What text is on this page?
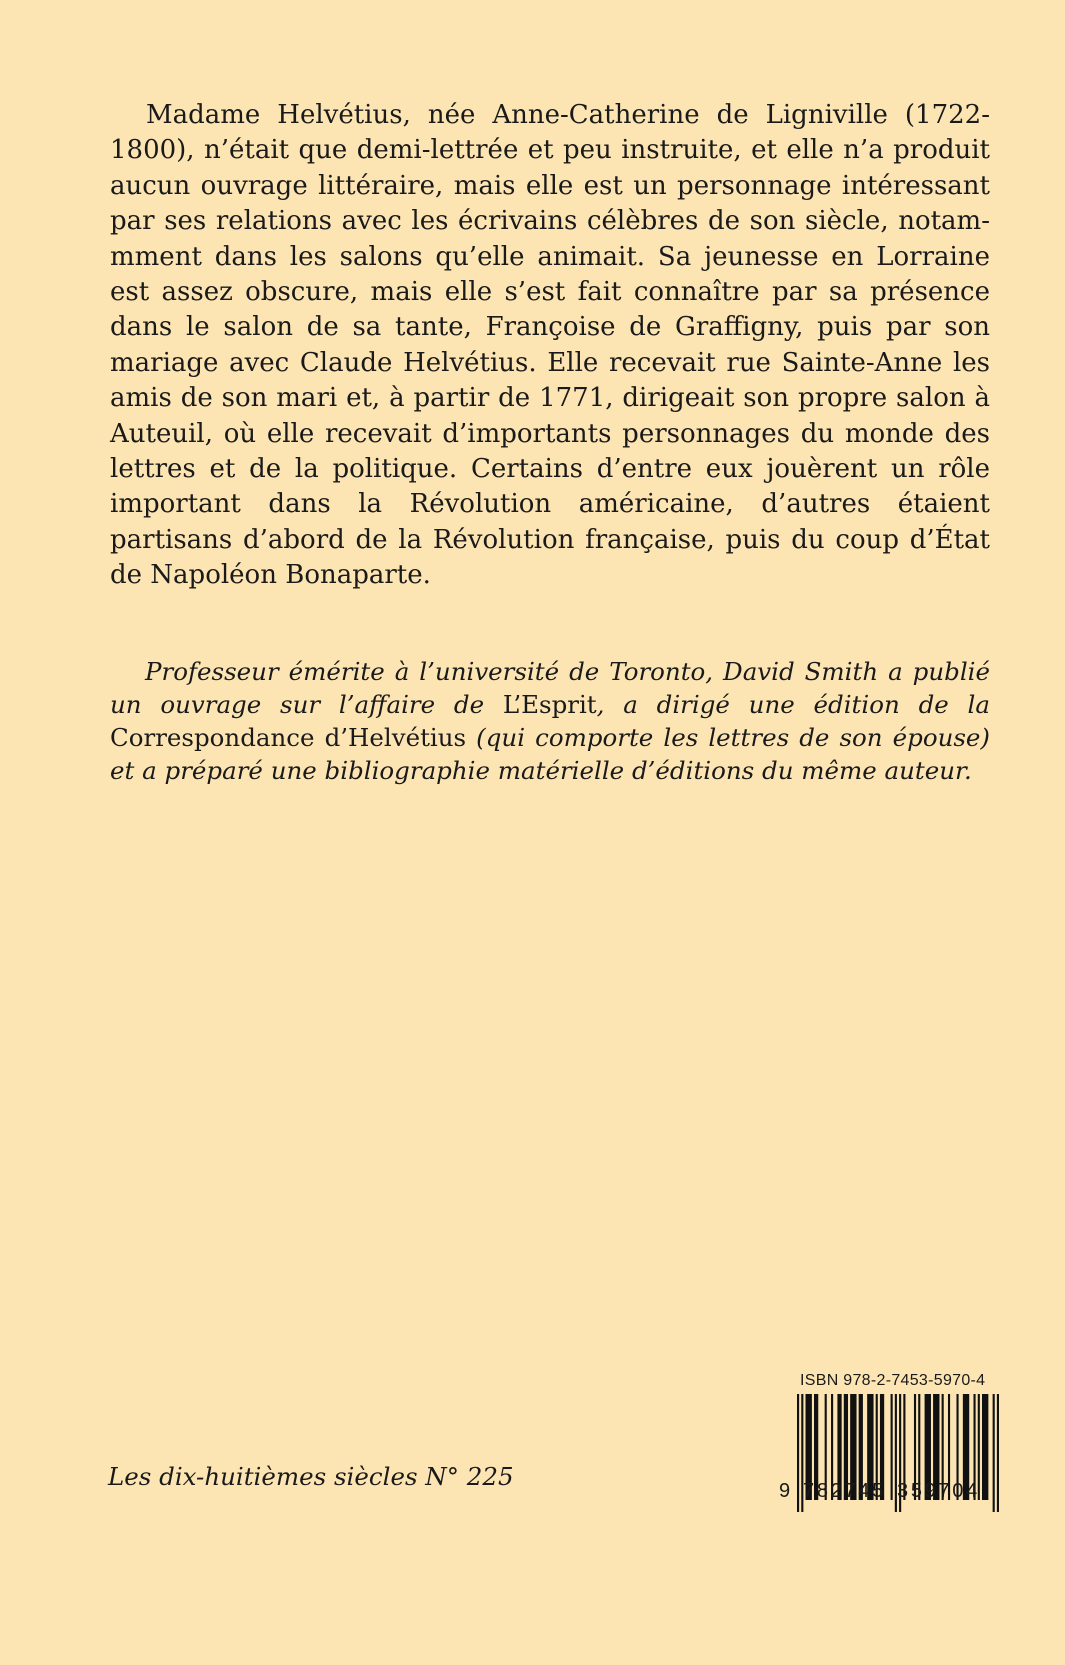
Madame Helvétius, née Anne-Catherine de Ligniville (1722-1800), n’était que demi-lettrée et peu instruite, et elle n’a produit aucun ouvrage littéraire, mais elle est un personnage intéressant par ses relations avec les écrivains célèbres de son siècle, notammment dans les salons qu’elle animait. Sa jeunesse en Lorraine est assez obscure, mais elle s’est fait connaître par sa présence dans le salon de sa tante, Françoise de Graffigny, puis par son mariage avec Claude Helvétius. Elle recevait rue Sainte-Anne les amis de son mari et, à partir de 1771, dirigeait son propre salon à Auteuil, où elle recevait d’importants personnages du monde des lettres et de la politique. Certains d’entre eux jouèrent un rôle important dans la Révolution américaine, d’autres étaient partisans d’abord de la Révolution française, puis du coup d’État de Napoléon Bonaparte.

Professeur émérite à l’université de Toronto, David Smith a publié un ouvrage sur l’affaire de L’Esprit, a dirigé une édition de la Correspondance d’Helvétius (qui comporte les lettres de son épouse) et a préparé une bibliographie matérielle d’éditions du même auteur.

Les dix-huitièmes siècles N° 225

ISBN 978-2-7453-5970-4
9 782745 359704
